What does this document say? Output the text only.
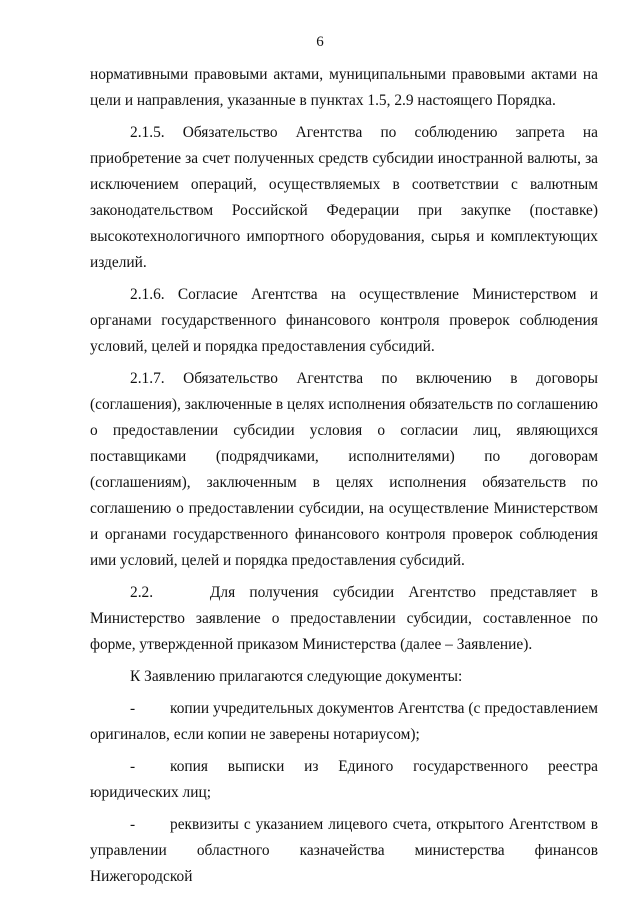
6

нормативными правовыми актами, муниципальными правовыми актами на цели и направления, указанные в пунктах 1.5, 2.9 настоящего Порядка.

2.1.5. Обязательство Агентства по соблюдению запрета на приобретение за счет полученных средств субсидии иностранной валюты, за исключением операций, осуществляемых в соответствии с валютным законодательством Российской Федерации при закупке (поставке) высокотехнологичного импортного оборудования, сырья и комплектующих изделий.

2.1.6. Согласие Агентства на осуществление Министерством и органами государственного финансового контроля проверок соблюдения условий, целей и порядка предоставления субсидий.

2.1.7. Обязательство Агентства по включению в договоры (соглашения), заключенные в целях исполнения обязательств по соглашению о предоставлении субсидии условия о согласии лиц, являющихся поставщиками (подрядчиками, исполнителями) по договорам (соглашениям), заключенным в целях исполнения обязательств по соглашению о предоставлении субсидии, на осуществление Министерством и органами государственного финансового контроля проверок соблюдения ими условий, целей и порядка предоставления субсидий.

2.2.    Для получения субсидии Агентство представляет в Министерство заявление о предоставлении субсидии, составленное по форме, утвержденной приказом Министерства (далее – Заявление).

К Заявлению прилагаются следующие документы:

- копии учредительных документов Агентства (с предоставлением оригиналов, если копии не заверены нотариусом);

- копия выписки из Единого государственного реестра юридических лиц;

- реквизиты с указанием лицевого счета, открытого Агентством в управлении областного казначейства министерства финансов Нижегородской
